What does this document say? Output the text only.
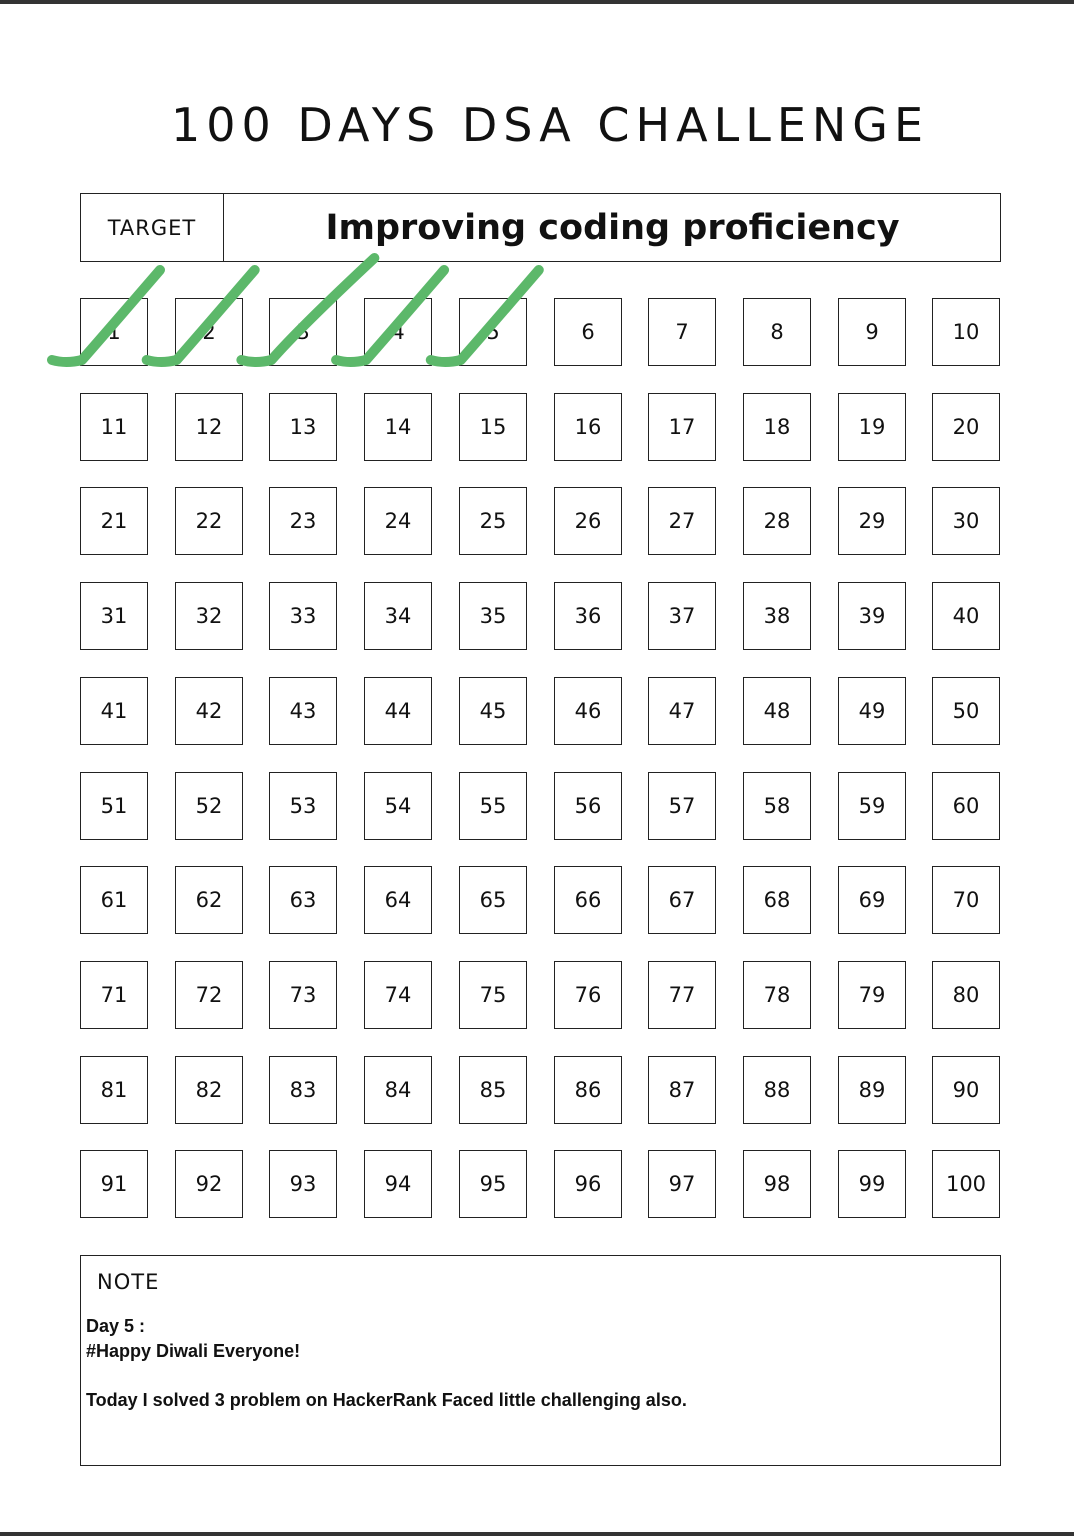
100 DAYS DSA CHALLENGE
TARGET	Improving coding proficiency
1	2	3	4	5	6	7	8	9	10
11	12	13	14	15	16	17	18	19	20
21	22	23	24	25	26	27	28	29	30
31	32	33	34	35	36	37	38	39	40
41	42	43	44	45	46	47	48	49	50
51	52	53	54	55	56	57	58	59	60
61	62	63	64	65	66	67	68	69	70
71	72	73	74	75	76	77	78	79	80
81	82	83	84	85	86	87	88	89	90
91	92	93	94	95	96	97	98	99	100
NOTE
Day 5 :
#Happy Diwali Everyone!
Today I solved 3 problem on HackerRank Faced little challenging also.
